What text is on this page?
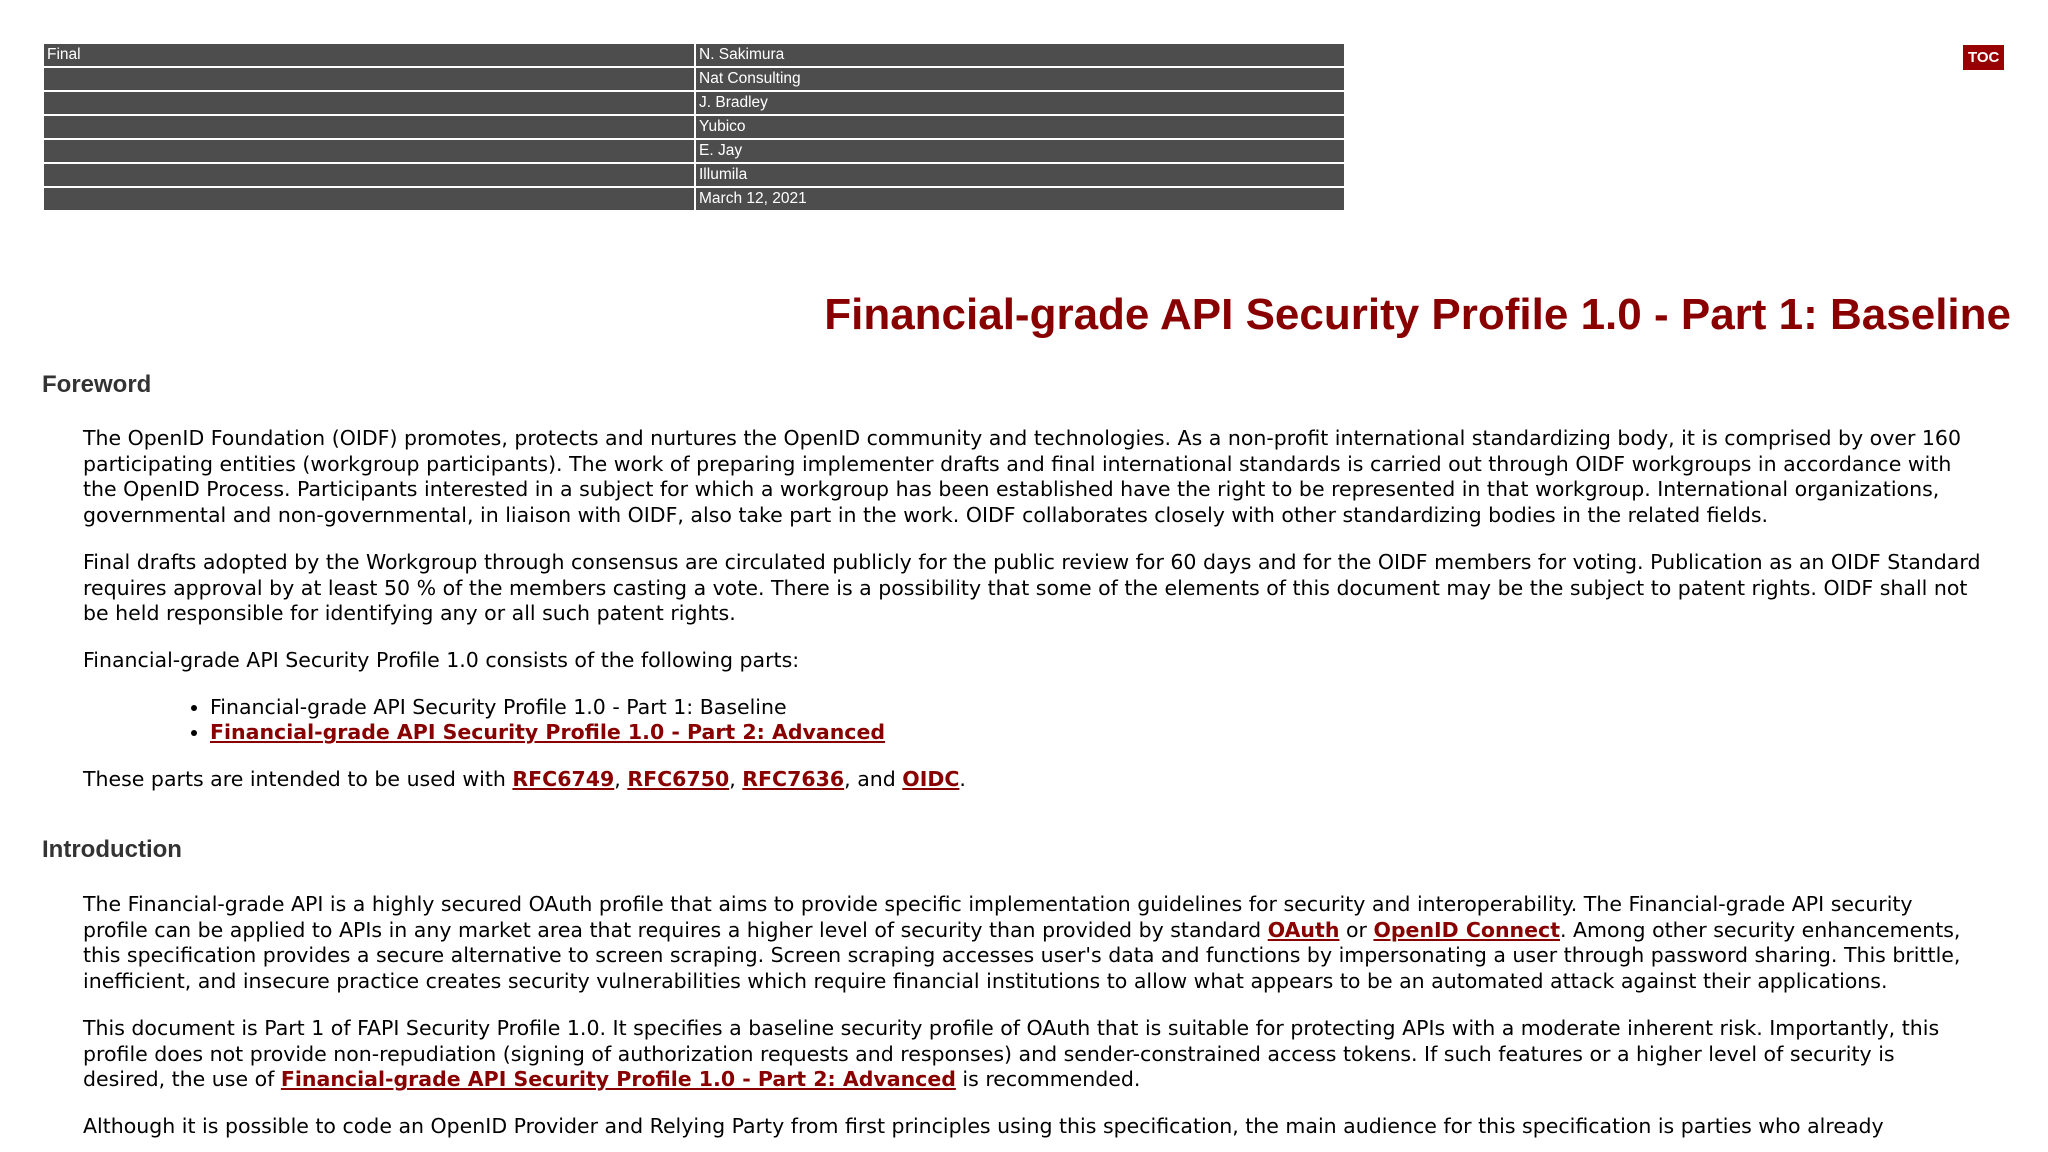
Final	N. Sakimura
	Nat Consulting
	J. Bradley
	Yubico
	E. Jay
	Illumila
	March 12, 2021
TOC
Financial-grade API Security Profile 1.0 - Part 1: Baseline
Foreword

The OpenID Foundation (OIDF) promotes, protects and nurtures the OpenID community and technologies. As a non-profit international standardizing body, it is comprised by over 160 participating entities (workgroup participants). The work of preparing implementer drafts and final international standards is carried out through OIDF workgroups in accordance with the OpenID Process. Participants interested in a subject for which a workgroup has been established have the right to be represented in that workgroup. International organizations, governmental and non-governmental, in liaison with OIDF, also take part in the work. OIDF collaborates closely with other standardizing bodies in the related fields.

Final drafts adopted by the Workgroup through consensus are circulated publicly for the public review for 60 days and for the OIDF members for voting. Publication as an OIDF Standard requires approval by at least 50 % of the members casting a vote. There is a possibility that some of the elements of this document may be the subject to patent rights. OIDF shall not be held responsible for identifying any or all such patent rights.

Financial-grade API Security Profile 1.0 consists of the following parts:

• Financial-grade API Security Profile 1.0 - Part 1: Baseline
• Financial-grade API Security Profile 1.0 - Part 2: Advanced

These parts are intended to be used with RFC6749, RFC6750, RFC7636, and OIDC.

Introduction

The Financial-grade API is a highly secured OAuth profile that aims to provide specific implementation guidelines for security and interoperability. The Financial-grade API security profile can be applied to APIs in any market area that requires a higher level of security than provided by standard OAuth or OpenID Connect. Among other security enhancements, this specification provides a secure alternative to screen scraping. Screen scraping accesses user's data and functions by impersonating a user through password sharing. This brittle, inefficient, and insecure practice creates security vulnerabilities which require financial institutions to allow what appears to be an automated attack against their applications.

This document is Part 1 of FAPI Security Profile 1.0. It specifies a baseline security profile of OAuth that is suitable for protecting APIs with a moderate inherent risk. Importantly, this profile does not provide non-repudiation (signing of authorization requests and responses) and sender-constrained access tokens. If such features or a higher level of security is desired, the use of Financial-grade API Security Profile 1.0 - Part 2: Advanced is recommended.

Although it is possible to code an OpenID Provider and Relying Party from first principles using this specification, the main audience for this specification is parties who already
